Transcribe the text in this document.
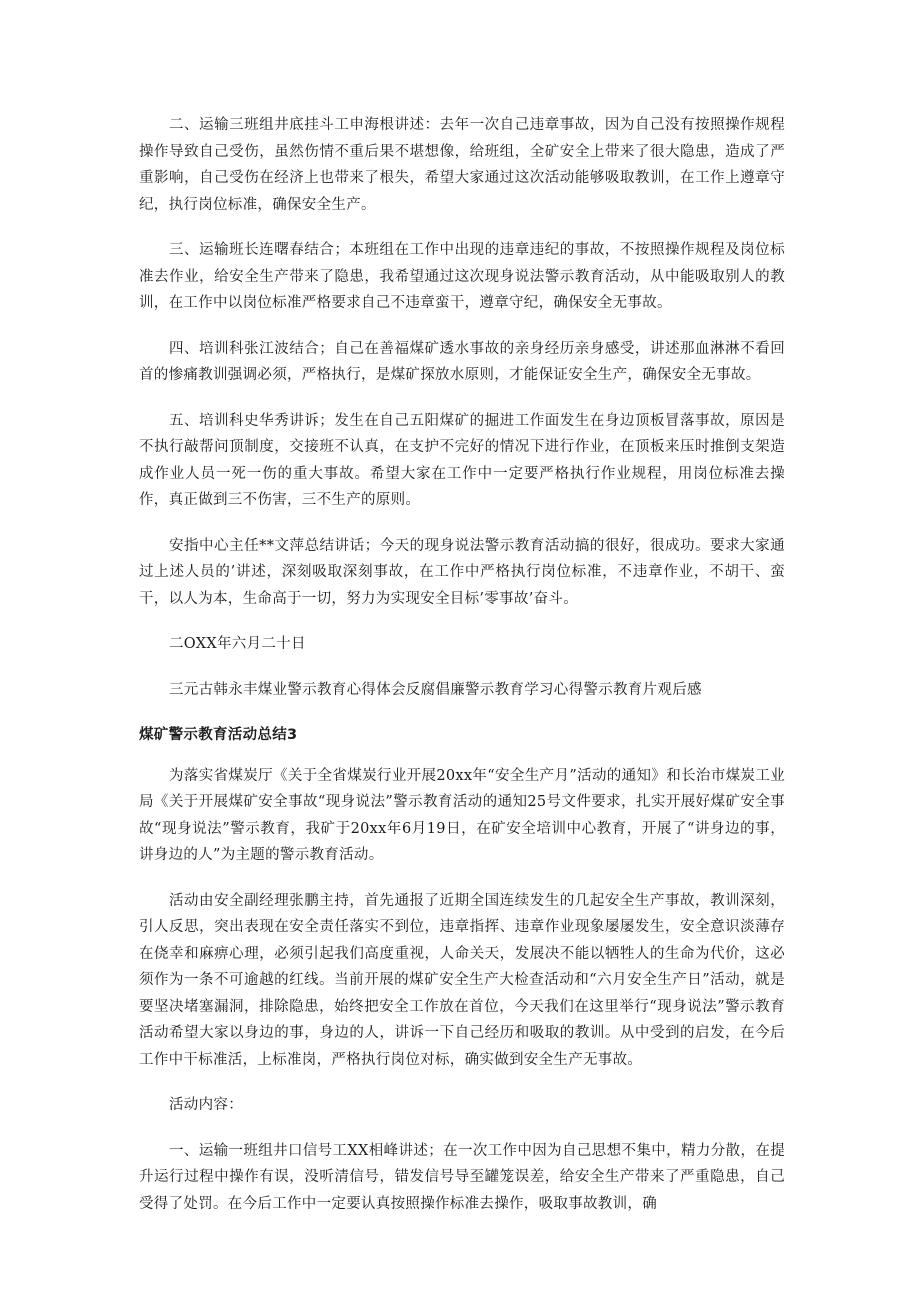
二、运输三班组井底挂斗工申海根讲述：去年一次自己违章事故，因为自己没有按照操作规程操作导致自己受伤，虽然伤情不重后果不堪想像，给班组，全矿安全上带来了很大隐患，造成了严重影响，自己受伤在经济上也带来了根失，希望大家通过这次活动能够吸取教训，在工作上遵章守纪，执行岗位标准，确保安全生产。

三、运输班长连曙春结合；本班组在工作中出现的违章违纪的事故，不按照操作规程及岗位标准去作业，给安全生产带来了隐患，我希望通过这次现身说法警示教育活动，从中能吸取别人的教训，在工作中以岗位标准严格要求自己不违章蛮干，遵章守纪，确保安全无事故。

四、培训科张江波结合；自己在善福煤矿透水事故的亲身经历亲身感受，讲述那血淋淋不看回首的惨痛教训强调必须，严格执行，是煤矿探放水原则，才能保证安全生产，确保安全无事故。

五、培训科史华秀讲诉；发生在自己五阳煤矿的掘进工作面发生在身边顶板冒落事故，原因是不执行敲帮问顶制度，交接班不认真，在支护不完好的情况下进行作业，在顶板来压时推倒支架造成作业人员一死一伤的重大事故。希望大家在工作中一定要严格执行作业规程，用岗位标准去操作，真正做到三不伤害，三不生产的原则。

安指中心主任**文萍总结讲话；今天的现身说法警示教育活动搞的很好，很成功。要求大家通过上述人员的’讲述，深刻吸取深刻事故，在工作中严格执行岗位标准，不违章作业，不胡干、蛮干，以人为本，生命高于一切，努力为实现安全目标’零事故’奋斗。

二OXX年六月二十日

三元古韩永丰煤业警示教育心得体会反腐倡廉警示教育学习心得警示教育片观后感

煤矿警示教育活动总结3

为落实省煤炭厅《关于全省煤炭行业开展20xx年“安全生产月”活动的通知》和长治市煤炭工业局《关于开展煤矿安全事故“现身说法”警示教育活动的通知25号文件要求，扎实开展好煤矿安全事故“现身说法”警示教育，我矿于20xx年6月19日，在矿安全培训中心教育，开展了“讲身边的事，讲身边的人”为主题的警示教育活动。

活动由安全副经理张鹏主持，首先通报了近期全国连续发生的几起安全生产事故，教训深刻，引人反思，突出表现在安全责任落实不到位，违章指挥、违章作业现象屡屡发生，安全意识淡薄存在侥幸和麻痹心理，必须引起我们高度重视，人命关天，发展决不能以牺牲人的生命为代价，这必须作为一条不可逾越的红线。当前开展的煤矿安全生产大检查活动和“六月安全生产日”活动，就是要坚决堵塞漏洞，排除隐患，始终把安全工作放在首位，今天我们在这里举行“现身说法”警示教育活动希望大家以身边的事，身边的人，讲诉一下自己经历和吸取的教训。从中受到的启发，在今后工作中干标准活，上标准岗，严格执行岗位对标，确实做到安全生产无事故。

活动内容：

一、运输一班组井口信号工XX相峰讲述；在一次工作中因为自己思想不集中，精力分散，在提升运行过程中操作有误，没听清信号，错发信号导至罐笼误差，给安全生产带来了严重隐患，自己受得了处罚。在今后工作中一定要认真按照操作标准去操作，吸取事故教训，确
